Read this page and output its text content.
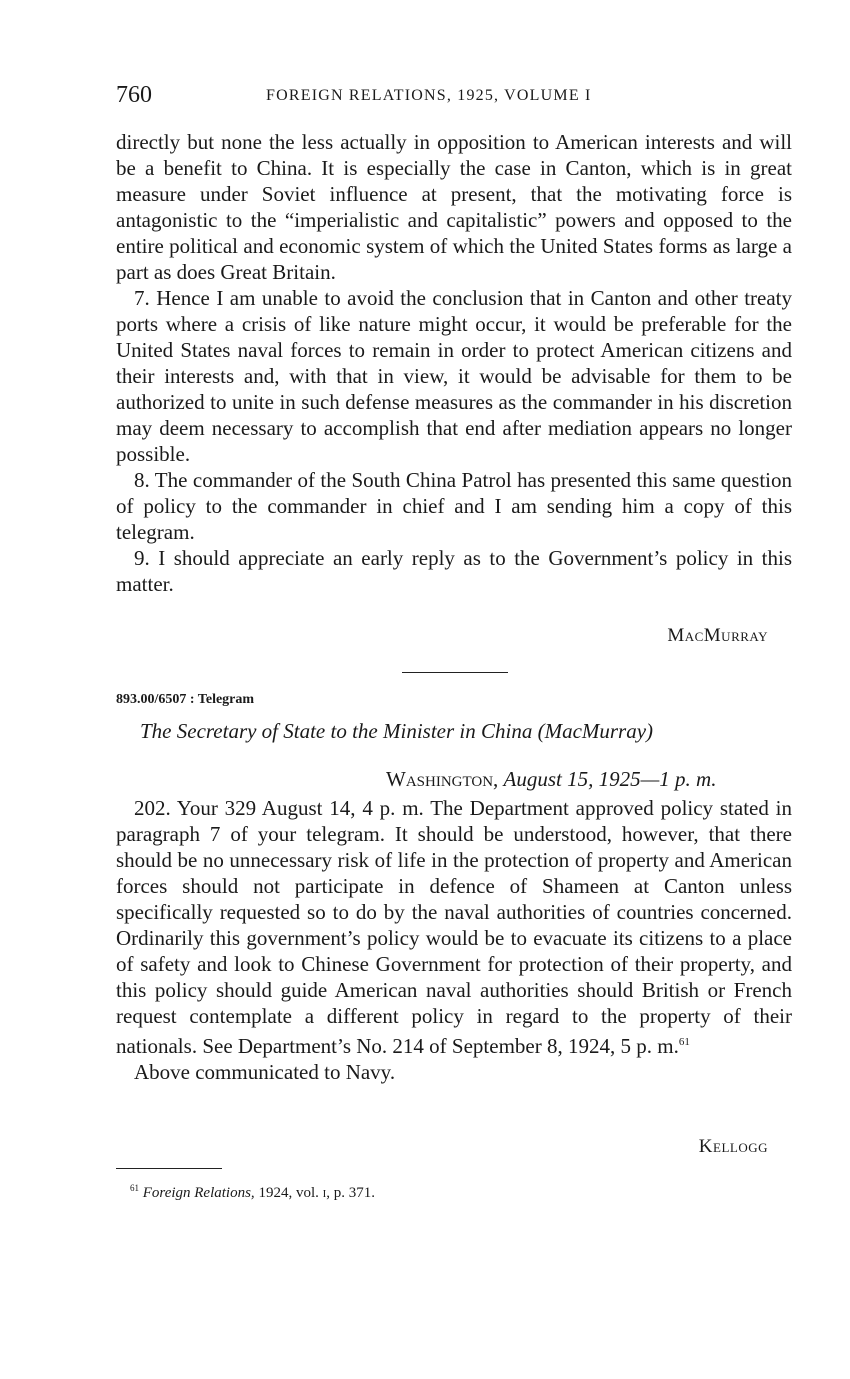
760	FOREIGN RELATIONS, 1925, VOLUME I

directly but none the less actually in opposition to American interests and will be a benefit to China. It is especially the case in Canton, which is in great measure under Soviet influence at present, that the motivating force is antagonistic to the “imperialistic and capitalistic” powers and opposed to the entire political and economic system of which the United States forms as large a part as does Great Britain.

7. Hence I am unable to avoid the conclusion that in Canton and other treaty ports where a crisis of like nature might occur, it would be preferable for the United States naval forces to remain in order to protect American citizens and their interests and, with that in view, it would be advisable for them to be authorized to unite in such defense measures as the commander in his discretion may deem necessary to accomplish that end after mediation appears no longer possible.

8. The commander of the South China Patrol has presented this same question of policy to the commander in chief and I am sending him a copy of this telegram.

9. I should appreciate an early reply as to the Government’s policy in this matter.

MacMurray
893.00/6507 : Telegram
The Secretary of State to the Minister in China (MacMurray)
Washington, August 15, 1925—1 p. m.

202. Your 329 August 14, 4 p. m. The Department approved policy stated in paragraph 7 of your telegram. It should be understood, however, that there should be no unnecessary risk of life in the protection of property and American forces should not participate in defence of Shameen at Canton unless specifically requested so to do by the naval authorities of countries concerned. Ordinarily this government’s policy would be to evacuate its citizens to a place of safety and look to Chinese Government for protection of their property, and this policy should guide American naval authorities should British or French request contemplate a different policy in regard to the property of their nationals. See Department’s No. 214 of September 8, 1924, 5 p. m.$^{61}$

Above communicated to Navy.

Kellogg
$^{61}$ Foreign Relations, 1924, vol. i, p. 371.
